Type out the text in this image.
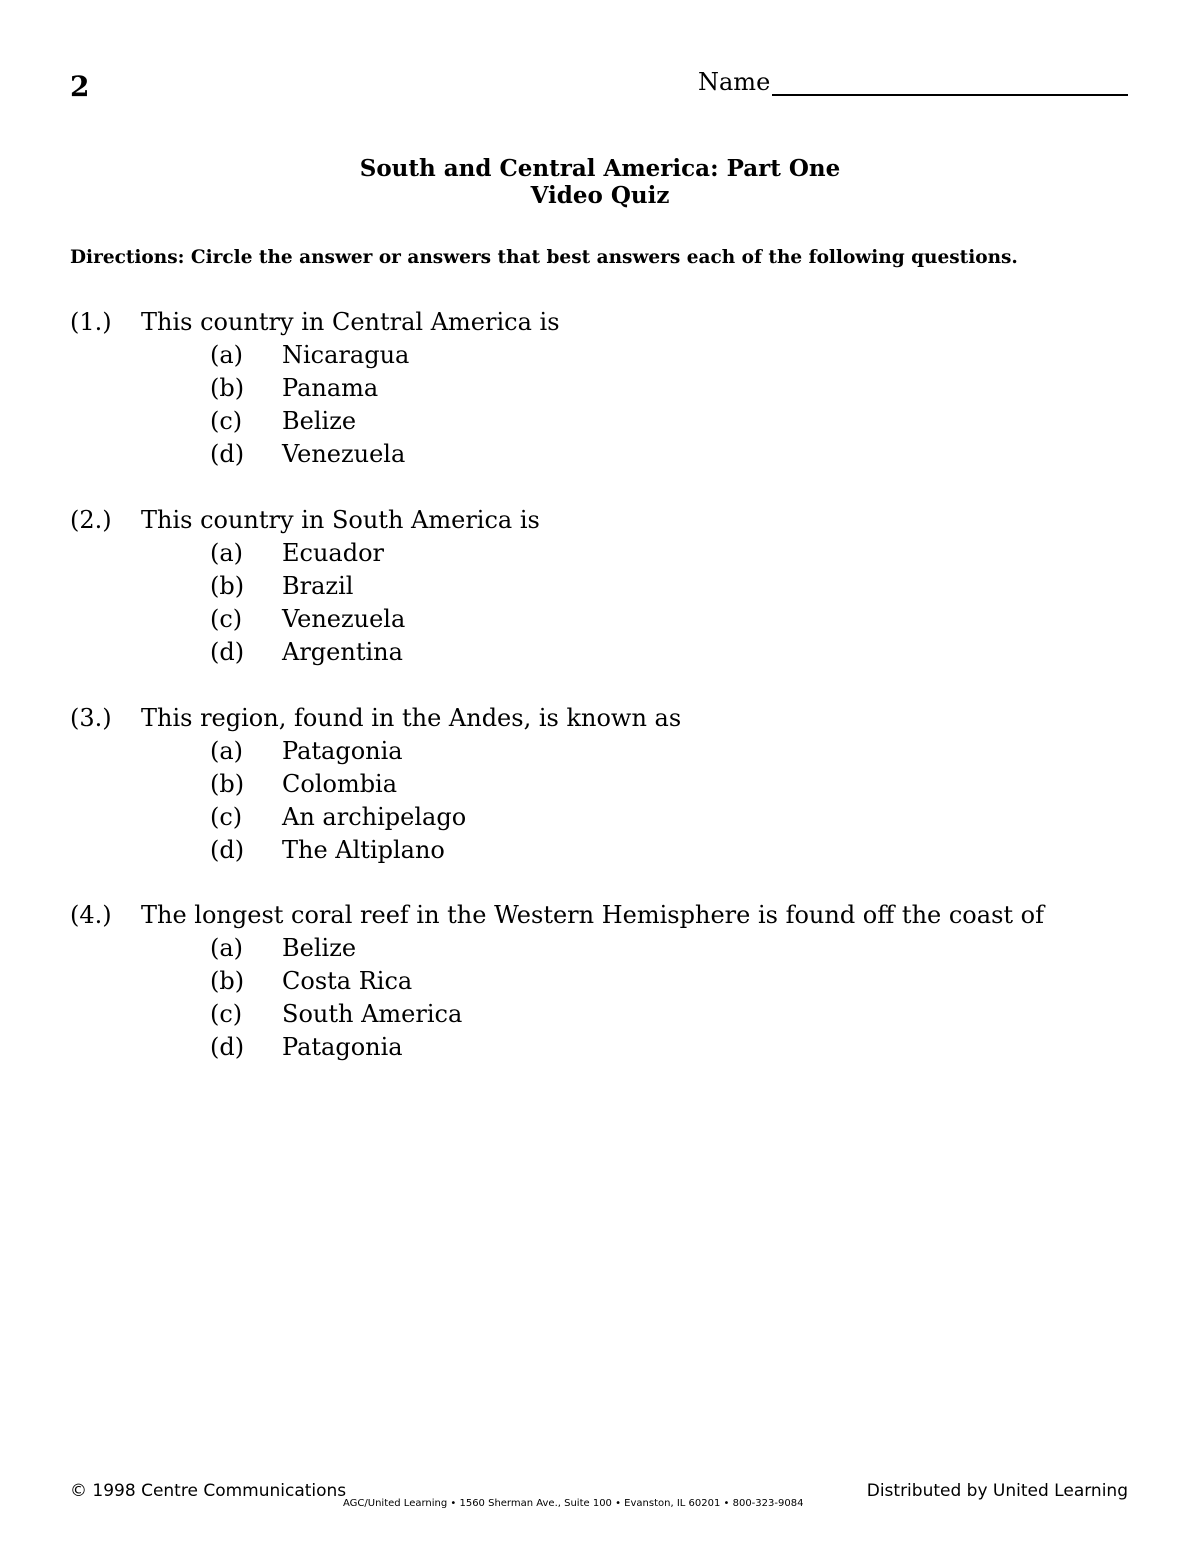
2	Name
South and Central America: Part One
Video Quiz
Directions: Circle the answer or answers that best answers each of the following questions.
(1.) This country in Central America is
(a) Nicaragua
(b) Panama
(c) Belize
(d) Venezuela
(2.) This country in South America is
(a) Ecuador
(b) Brazil
(c) Venezuela
(d) Argentina
(3.) This region, found in the Andes, is known as
(a) Patagonia
(b) Colombia
(c) An archipelago
(d) The Altiplano
(4.) The longest coral reef in the Western Hemisphere is found off the coast of
(a) Belize
(b) Costa Rica
(c) South America
(d) Patagonia
© 1998 Centre Communications
AGC/United Learning • 1560 Sherman Ave., Suite 100 • Evanston, IL 60201 • 800-323-9084
Distributed by United Learning
